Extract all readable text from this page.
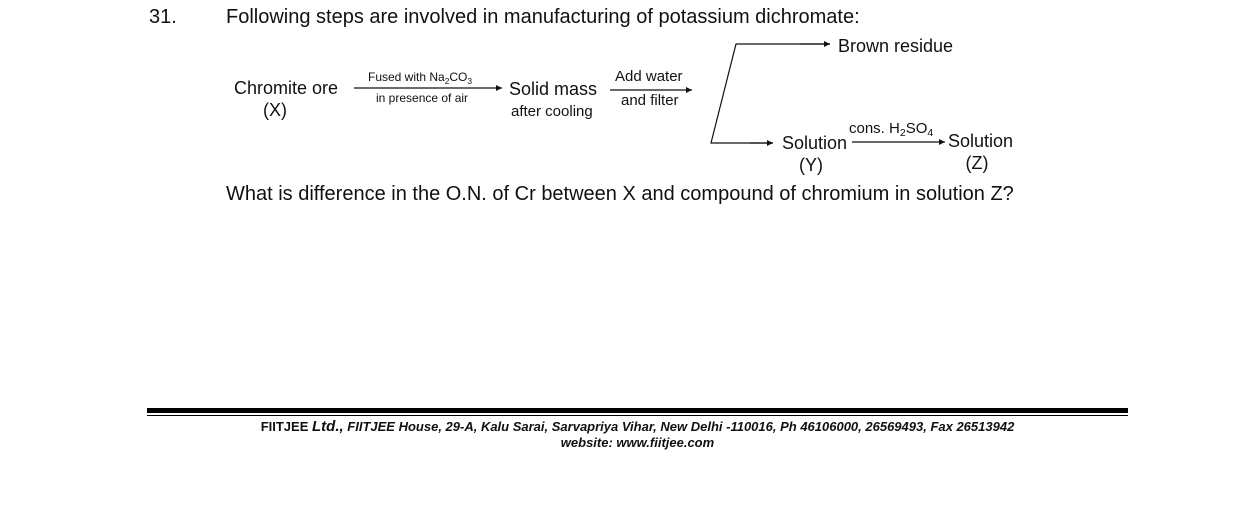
31. Following steps are involved in manufacturing of potassium dichromate:
Chromite ore
(X)
Fused with $Na_2CO_3$
in presence of air Solid mass
after cooling
Add water
and filter
Brown residue
Solution
(Y)
cons. $H_2SO_4$ Solution
(Z)
What is difference in the O.N. of Cr between X and compound of chromium in solution Z?
FIITJEE Ltd., FIITJEE House, 29-A, Kalu Sarai, Sarvapriya Vihar, New Delhi -110016, Ph 46106000, 26569493, Fax 26513942
website: www.fiitjee.com
